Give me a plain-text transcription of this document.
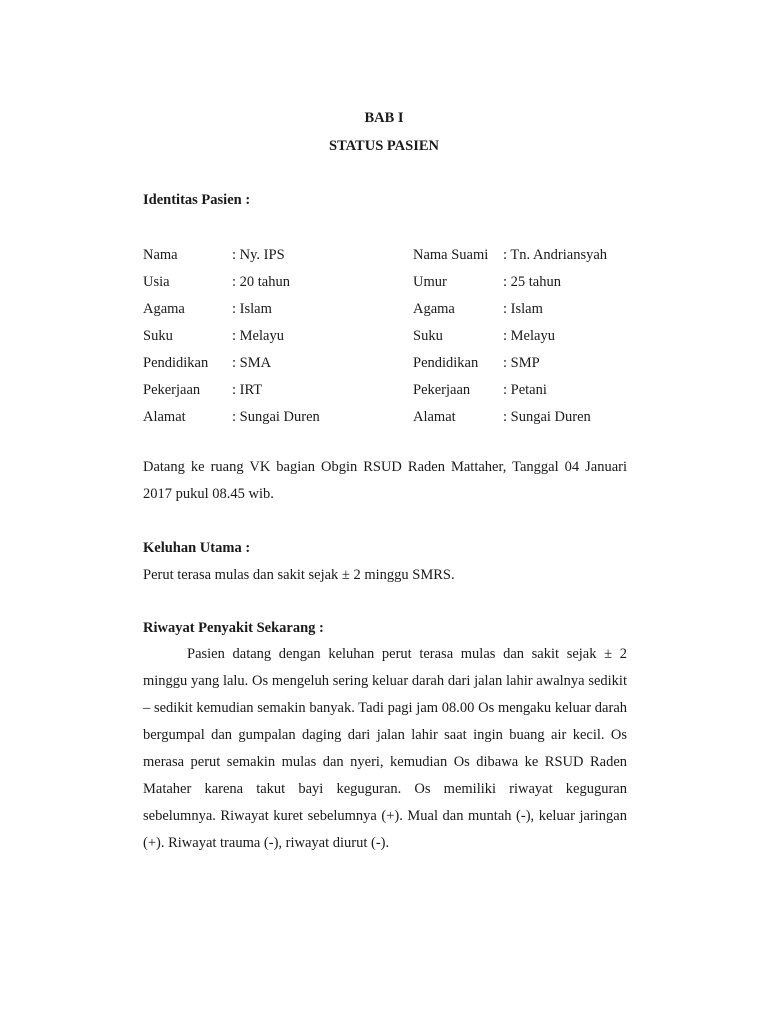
BAB I
STATUS PASIEN
Identitas Pasien :
Nama	: Ny. IPS	Nama Suami : Tn. Andriansyah
Usia	: 20 tahun	Umur	: 25 tahun
Agama	: Islam	Agama	: Islam
Suku	: Melayu	Suku	: Melayu
Pendidikan : SMA	Pendidikan : SMP
Pekerjaan : IRT	Pekerjaan : Petani
Alamat	: Sungai Duren	Alamat	: Sungai Duren

Datang ke ruang VK bagian Obgin RSUD Raden Mattaher, Tanggal 04 Januari 2017 pukul 08.45 wib.

Keluhan Utama :

Perut terasa mulas dan sakit sejak ± 2 minggu SMRS.

Riwayat Penyakit Sekarang :

Pasien datang dengan keluhan perut terasa mulas dan sakit sejak ± 2 minggu yang lalu. Os mengeluh sering keluar darah dari jalan lahir awalnya sedikit – sedikit kemudian semakin banyak. Tadi pagi jam 08.00 Os mengaku keluar darah bergumpal dan gumpalan daging dari jalan lahir saat ingin buang air kecil. Os merasa perut semakin mulas dan nyeri, kemudian Os dibawa ke RSUD Raden Mataher karena takut bayi keguguran. Os memiliki riwayat keguguran sebelumnya. Riwayat kuret sebelumnya (+). Mual dan muntah (-), keluar jaringan (+). Riwayat trauma (-), riwayat diurut (-).
